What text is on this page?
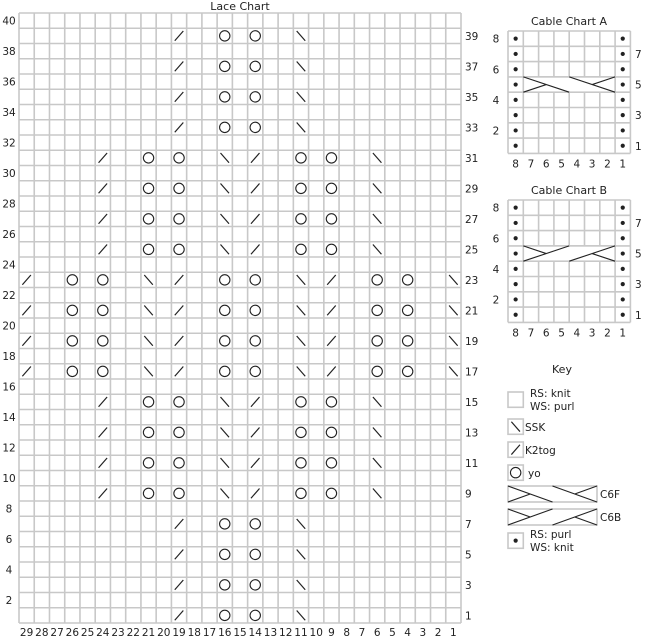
Lace Chart
29 28 27 26 25 24 23 22 21 20 19 18 17 16 15 14 13 12 11 10 9 8 7 6 5 4 3 2 1
40
38
36
34
32
30
28
26
24
22
20
18
16
14
12
10
8
6
4
2
39
37
35
33
31
29
27
25
23
21
19
17
15
13
11
9
7
5
3
1
Cable Chart A
8 7 6 5 4 3 2 1
8
6
4
2
7
5
3
1
Cable Chart B
8 7 6 5 4 3 2 1
8
6
4
2
7
5
3
1
Key
RS: knit
WS: purl
SSK
K2tog
yo
C6F
C6B
RS: purl
WS: knit
